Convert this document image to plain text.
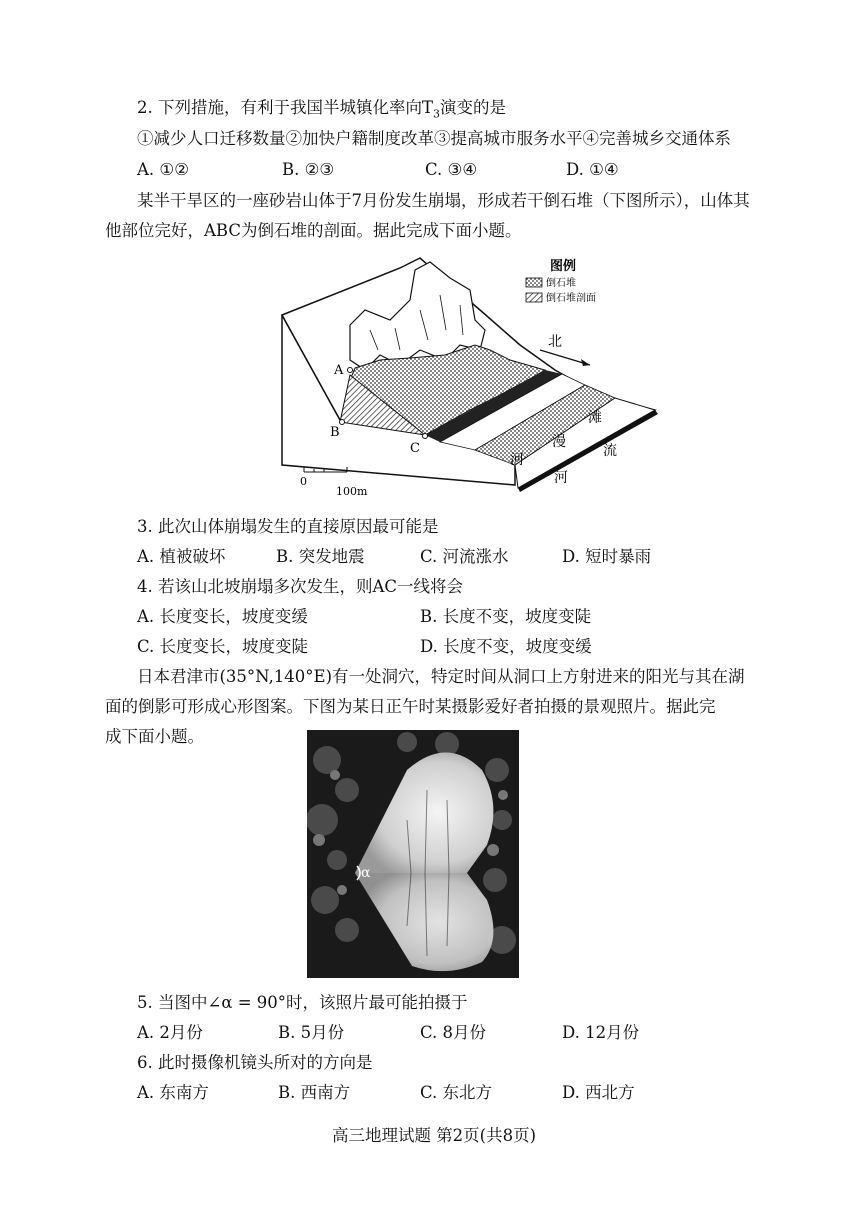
2. 下列措施，有利于我国半城镇化率向$T_3$演变的是
①减少人口迁移数量②加快户籍制度改革③提高城市服务水平④完善城乡交通体系
A. ①②	B. ②③	C. ③④	D. ①④
某半干旱区的一座砂岩山体于7月份发生崩塌，形成若干倒石堆（下图所示），山体其
他部位完好，ABC为倒石堆的剖面。据此完成下面小题。
A
B
C
河
漫
滩
流
河
北
图例
倒石堆
倒石堆剖面
0
100m
3. 此次山体崩塌发生的直接原因最可能是
A. 植被破坏	B. 突发地震	C. 河流涨水	D. 短时暴雨
4. 若该山北坡崩塌多次发生，则AC一线将会
A. 长度变长，坡度变缓	B. 长度不变，坡度变陡
C. 长度变长，坡度变陡	D. 长度不变，坡度变缓
日本君津市(35°N,140°E)有一处洞穴，特定时间从洞口上方射进来的阳光与其在湖
面的倒影可形成心形图案。下图为某日正午时某摄影爱好者拍摄的景观照片。据此完
成下面小题。
α
5. 当图中∠α = 90°时，该照片最可能拍摄于
A. 2月份	B. 5月份	C. 8月份	D. 12月份
6. 此时摄像机镜头所对的方向是
A. 东南方	B. 西南方	C. 东北方	D. 西北方
高三地理试题 第2页(共8页)
